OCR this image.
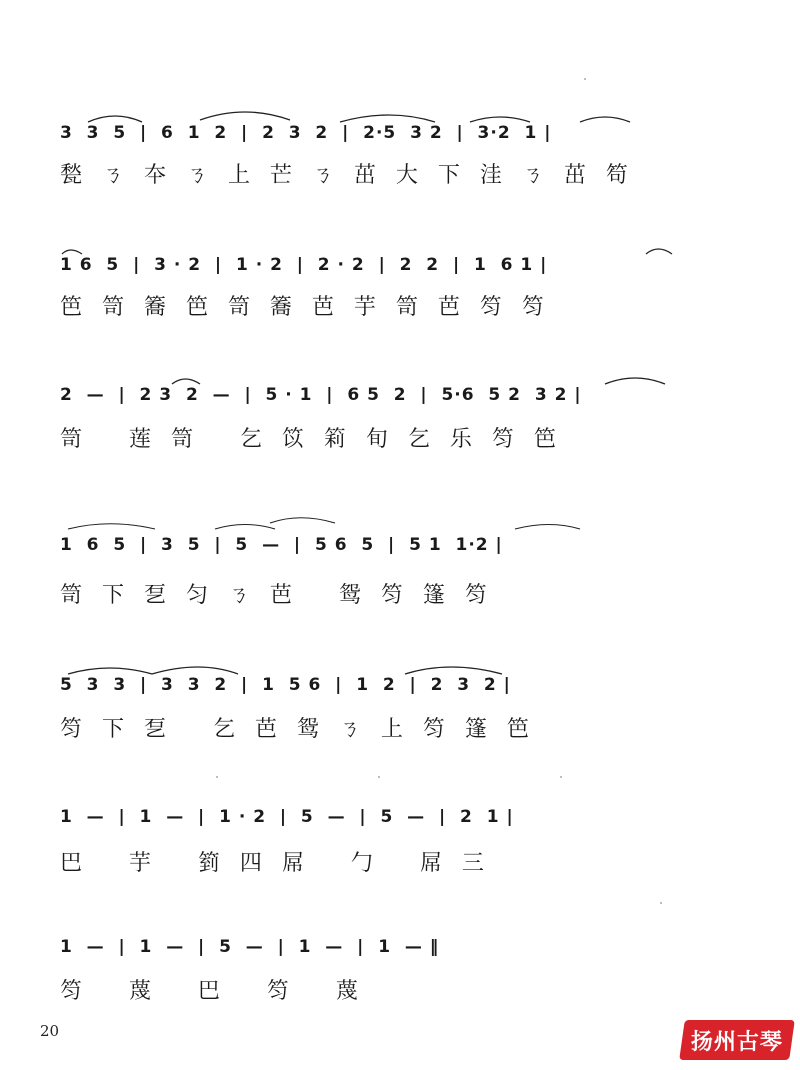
3  3  5  |  6  1  2  |  2  3  2  |  2·5  3 2  |  3·2  1 |
甃  ㄋ  夲  ㄋ  上  芒  ㄋ  茁  大  下  洼  ㄋ  茁  笱
1 6  5  |  3 · 2  |  1 · 2  |  2 · 2  |  2  2  |  1  6 1 |
笆  笥  簥  笆  笥  簥  芭  芋  笥  芭  笉  笉
2  —  |  2 3  2  —  |  5 · 1  |  6 5  2  |  5·6  5 2  3 2 |
笥     莲  笥     乞  笖  筣  旬  乞  乐  笉  笆
1  6  5  |  3  5  |  5  —  |  5 6  5  |  5 1  1·2 |
笥  下  乭  匀  ㄋ  芭     鸳  笉  篷  笉
5  3  3  |  3  3  2  |  1  5 6  |  1  2  |  2  3  2 |
笉  下  乭     乞  芭  鸳  ㄋ  上  笉  篷  笆
1  —  |  1  —  |  1 · 2  |  5  —  |  5  —  |  2  1 |
巴     芋     箌  四  屌     勹     屌  三
1  —  |  1  —  |  5  —  |  1  —  |  1  — ‖
笉     蔑     巴     笉     蔑
20	扬州古琴
